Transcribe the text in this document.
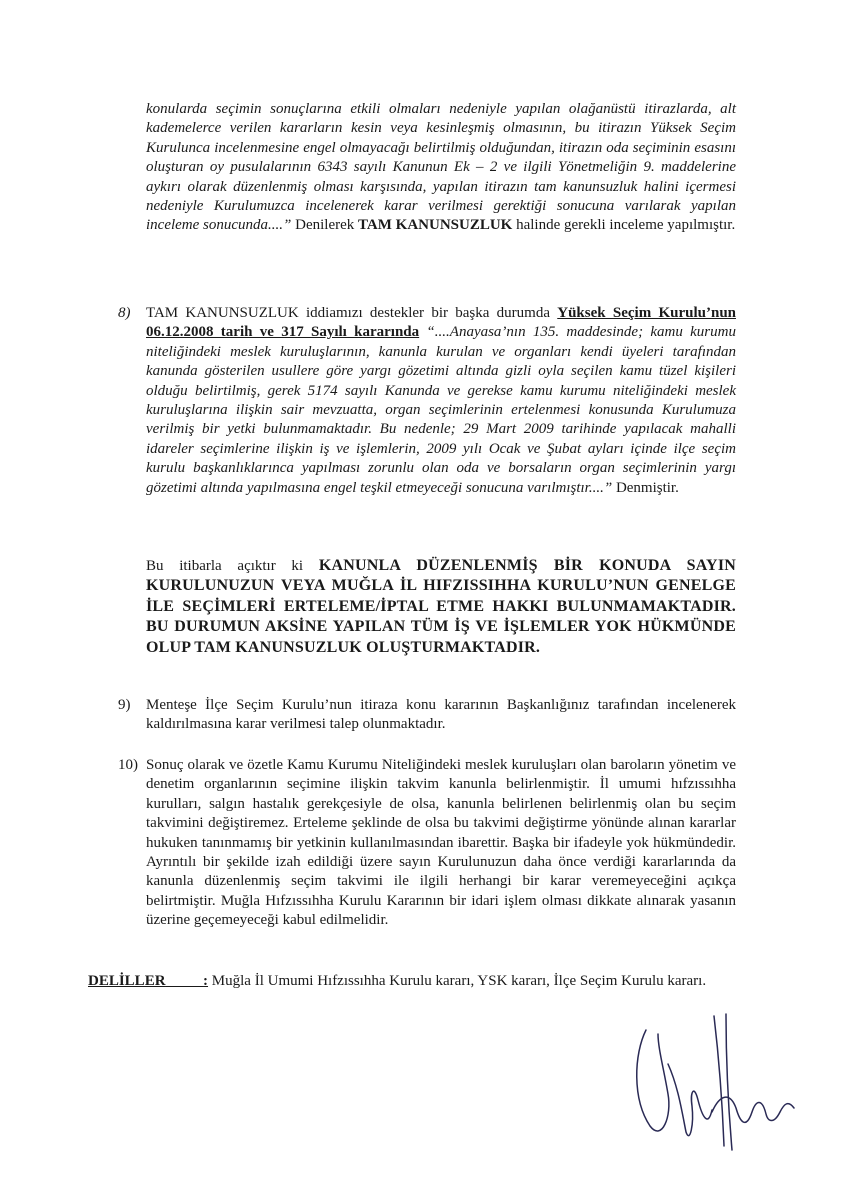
konularda seçimin sonuçlarına etkili olmaları nedeniyle yapılan olağanüstü itirazlarda, alt kademelerce verilen kararların kesin veya kesinleşmiş olmasının, bu itirazın Yüksek Seçim Kurulunca incelenmesine engel olmayacağı belirtilmiş olduğundan, itirazın oda seçiminin esasını oluşturan oy pusulalarının 6343 sayılı Kanunun Ek – 2 ve ilgili Yönetmeliğin 9. maddelerine aykırı olarak düzenlenmiş olması karşısında, yapılan itirazın tam kanunsuzluk halini içermesi nedeniyle Kurulumuzca incelenerek karar verilmesi gerektiği sonucuna varılarak yapılan inceleme sonucunda....” Denilerek TAM KANUNSUZLUK halinde gerekli inceleme yapılmıştır.
8) TAM KANUNSUZLUK iddiamızı destekler bir başka durumda Yüksek Seçim Kurulu’nun 06.12.2008 tarih ve 317 Sayılı kararında “....Anayasa’nın 135. maddesinde; kamu kurumu niteliğindeki meslek kuruluşlarının, kanunla kurulan ve organları kendi üyeleri tarafından kanunda gösterilen usullere göre yargı gözetimi altında gizli oyla seçilen kamu tüzel kişileri olduğu belirtilmiş, gerek 5174 sayılı Kanunda ve gerekse kamu kurumu niteliğindeki meslek kuruluşlarına ilişkin sair mevzuatta, organ seçimlerinin ertelenmesi konusunda Kurulumuza verilmiş bir yetki bulunmamaktadır. Bu nedenle; 29 Mart 2009 tarihinde yapılacak mahalli idareler seçimlerine ilişkin iş ve işlemlerin, 2009 yılı Ocak ve Şubat ayları içinde ilçe seçim kurulu başkanlıklarınca yapılması zorunlu olan oda ve borsaların organ seçimlerinin yargı gözetimi altında yapılmasına engel teşkil etmeyeceği sonucuna varılmıştır....” Denmiştir.
Bu itibarla açıktır ki KANUNLA DÜZENLENMİŞ BİR KONUDA SAYIN KURULUNUZUN VEYA MUĞLA İL HIFZISSIHHA KURULU’NUN GENELGE İLE SEÇİMLERİ ERTELEME/İPTAL ETME HAKKI BULUNMAMAKTADIR. BU DURUMUN AKSİNE YAPILAN TÜM İŞ VE İŞLEMLER YOK HÜKMÜNDE OLUP TAM KANUNSUZLUK OLUŞTURMAKTADIR.
9) Menteşe İlçe Seçim Kurulu’nun itiraza konu kararının Başkanlığınız tarafından incelenerek kaldırılmasına karar verilmesi talep olunmaktadır.
10) Sonuç olarak ve özetle Kamu Kurumu Niteliğindeki meslek kuruluşları olan baroların yönetim ve denetim organlarının seçimine ilişkin takvim kanunla belirlenmiştir. İl umumi hıfzıssıhha kurulları, salgın hastalık gerekçesiyle de olsa, kanunla belirlenen belirlenmiş olan bu seçim takvimini değiştiremez. Erteleme şeklinde de olsa bu takvimi değiştirme yönünde alınan kararlar hukuken tanınmamış bir yetkinin kullanılmasından ibarettir. Başka bir ifadeyle yok hükmündedir. Ayrıntılı bir şekilde izah edildiği üzere sayın Kurulunuzun daha önce verdiği kararlarında da kanunla düzenlenmiş seçim takvimi ile ilgili herhangi bir karar veremeyeceğini açıkça belirtmiştir. Muğla Hıfzıssıhha Kurulu Kararının bir idari işlem olması dikkate alınarak yasanın üzerine geçemeyeceği kabul edilmelidir.
DELİLLER	: Muğla İl Umumi Hıfzıssıhha Kurulu kararı, YSK kararı, İlçe Seçim Kurulu kararı.
